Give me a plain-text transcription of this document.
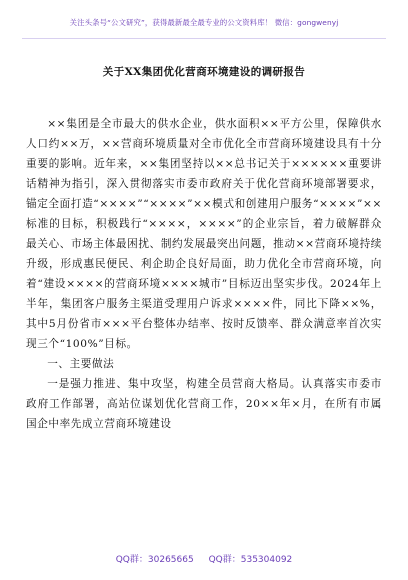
关注头条号“公文研究”，获得最新最全最专业的公文资料库！ 微信：gongwenyj
关于XX集团优化营商环境建设的调研报告

××集团是全市最大的供水企业，供水面积××平方公里，保障供水人口约××万，××营商环境质量对全市优化全市营商环境建设具有十分重要的影响。近年来，××集团坚持以××总书记关于××××××重要讲话精神为指引，深入贯彻落实市委市政府关于优化营商环境部署要求，锚定全面打造“××××”“××××”××模式和创建用户服务“××××”××标准的目标，积极践行“××××，××××”的企业宗旨，着力破解群众最关心、市场主体最困扰、制约发展最突出问题，推动××营商环境持续升级，形成惠民便民、利企助企良好局面，助力优化全市营商环境，向着“建设××××的营商环境××××城市”目标迈出坚实步伐。2024年上半年，集团客户服务主渠道受理用户诉求××××件，同比下降××%，其中5月份省市×××平台整体办结率、按时反馈率、群众满意率首次实现三个“100%”目标。

一、主要做法

一是强力推进、集中攻坚，构建全员营商大格局。认真落实市委市政府工作部署，高站位谋划优化营商工作，20××年×月，在所有市属国企中率先成立营商环境建设

QQ群：30265665 QQ群：535304092
